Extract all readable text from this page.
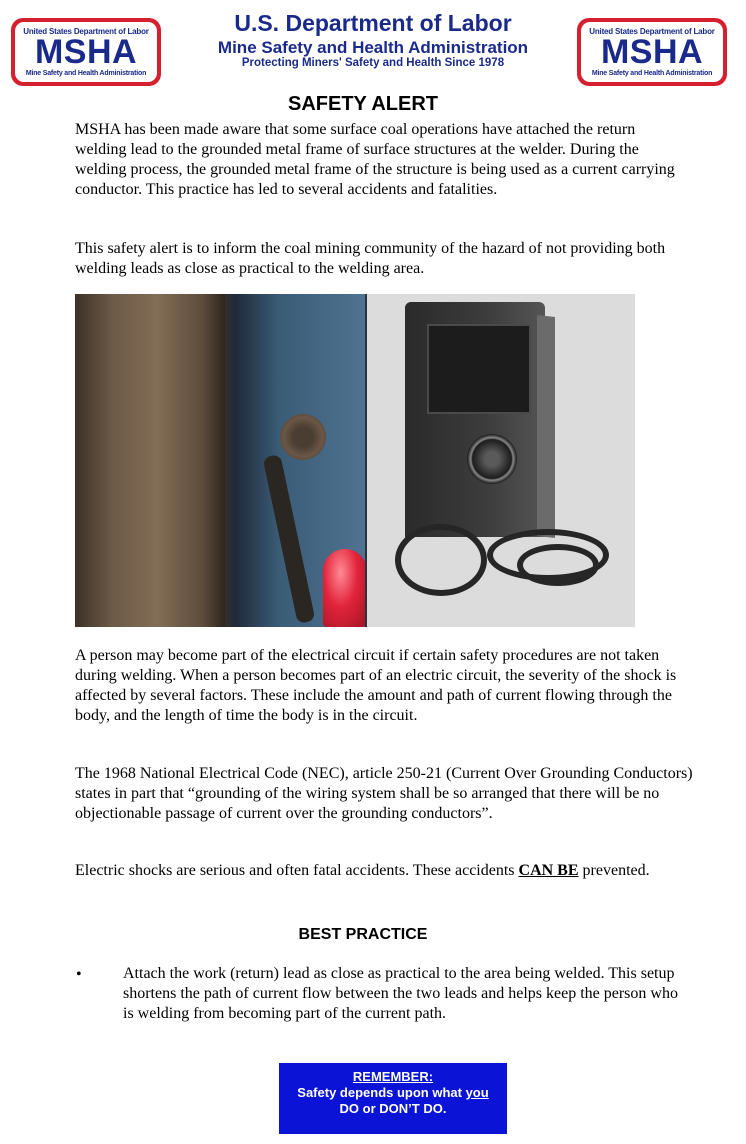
United States Department of Labor
MSHA
Mine Safety and Health Administration
U.S. Department of Labor
Mine Safety and Health Administration
Protecting Miners' Safety and Health Since 1978
United States Department of Labor
MSHA
Mine Safety and Health Administration
SAFETY ALERT

MSHA has been made aware that some surface coal operations have attached the return welding lead to the grounded metal frame of surface structures at the welder. During the welding process, the grounded metal frame of the structure is being used as a current carrying conductor. This practice has led to several accidents and fatalities.

This safety alert is to inform the coal mining community of the hazard of not providing both welding leads as close as practical to the welding area.

A person may become part of the electrical circuit if certain safety procedures are not taken during welding. When a person becomes part of an electric circuit, the severity of the shock is affected by several factors. These include the amount and path of current flowing through the body, and the length of time the body is in the circuit.

The 1968 National Electrical Code (NEC), article 250-21 (Current Over Grounding Conductors) states in part that “grounding of the wiring system shall be so arranged that there will be no objectionable passage of current over the grounding conductors”.

Electric shocks are serious and often fatal accidents. These accidents CAN BE prevented.

BEST PRACTICE
•	Attach the work (return) lead as close as practical to the area being welded. This setup shortens the path of current flow between the two leads and helps keep the person who is welding from becoming part of the current path.

REMEMBER:
Safety depends upon what you
DO or DON’T DO.
